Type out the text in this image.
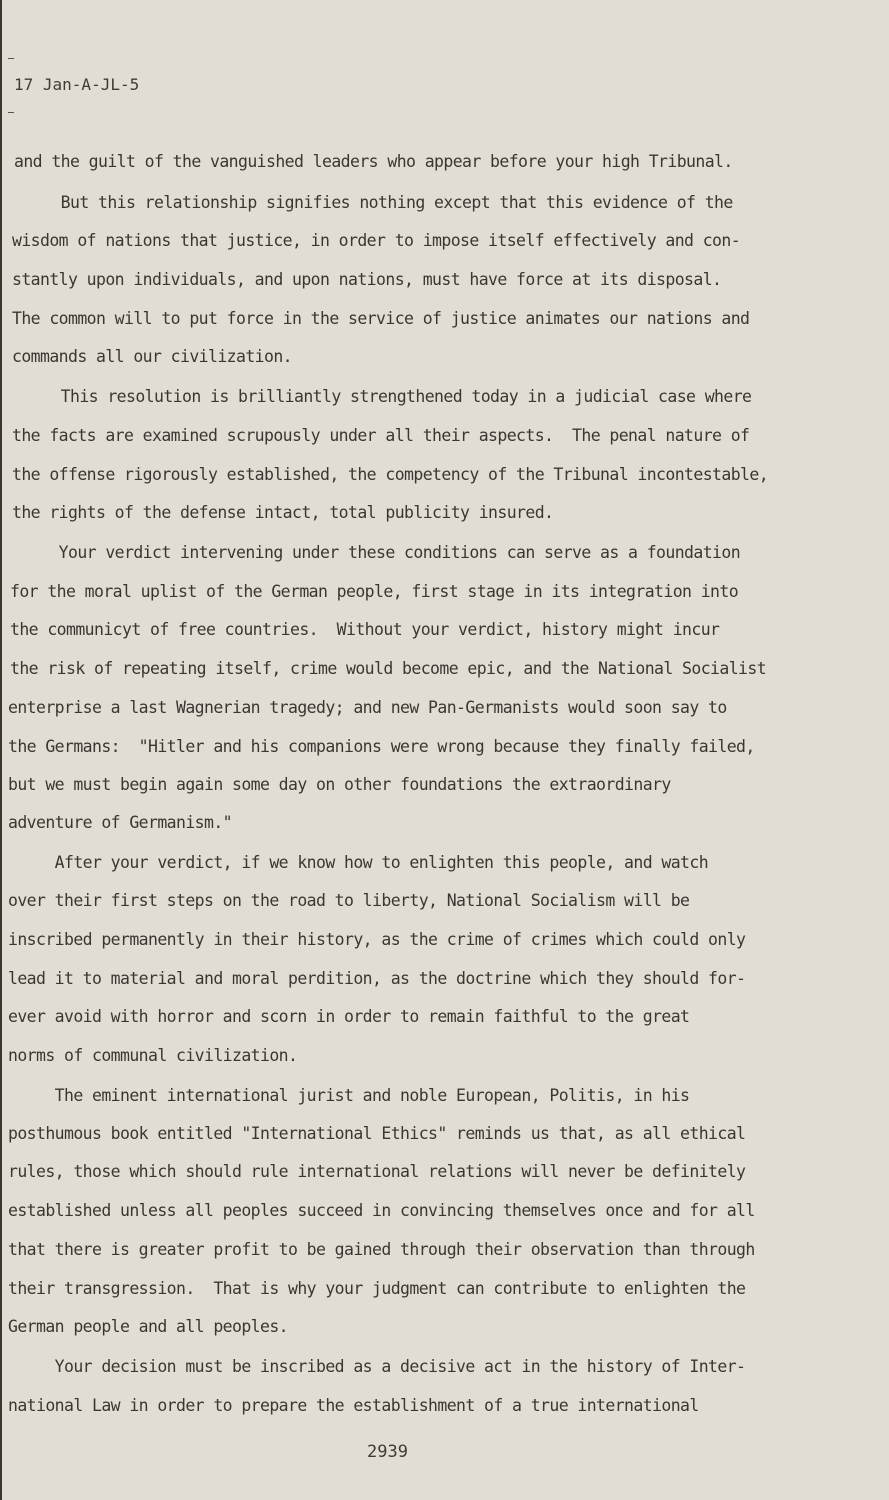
17 Jan-A-JL-5
and the guilt of the vanguished leaders who appear before your high Tribunal.
But this relationship signifies nothing except that this evidence of the
wisdom of nations that justice, in order to impose itself effectively and con-
stantly upon individuals, and upon nations, must have force at its disposal.
The common will to put force in the service of justice animates our nations and
commands all our civilization.
This resolution is brilliantly strengthened today in a judicial case where
the facts are examined scrupously under all their aspects.  The penal nature of
the offense rigorously established, the competency of the Tribunal incontestable,
the rights of the defense intact, total publicity insured.
Your verdict intervening under these conditions can serve as a foundation
for the moral uplist of the German people, first stage in its integration into
the communicyt of free countries.  Without your verdict, history might incur
the risk of repeating itself, crime would become epic, and the National Socialist
enterprise a last Wagnerian tragedy; and new Pan-Germanists would soon say to
the Germans:  "Hitler and his companions were wrong because they finally failed,
but we must begin again some day on other foundations the extraordinary
adventure of Germanism."
After your verdict, if we know how to enlighten this people, and watch
over their first steps on the road to liberty, National Socialism will be
inscribed permanently in their history, as the crime of crimes which could only
lead it to material and moral perdition, as the doctrine which they should for-
ever avoid with horror and scorn in order to remain faithful to the great
norms of communal civilization.
The eminent international jurist and noble European, Politis, in his
posthumous book entitled "International Ethics" reminds us that, as all ethical
rules, those which should rule international relations will never be definitely
established unless all peoples succeed in convincing themselves once and for all
that there is greater profit to be gained through their observation than through
their transgression.  That is why your judgment can contribute to enlighten the
German people and all peoples.
Your decision must be inscribed as a decisive act in the history of Inter-
national Law in order to prepare the establishment of a true international
2939
